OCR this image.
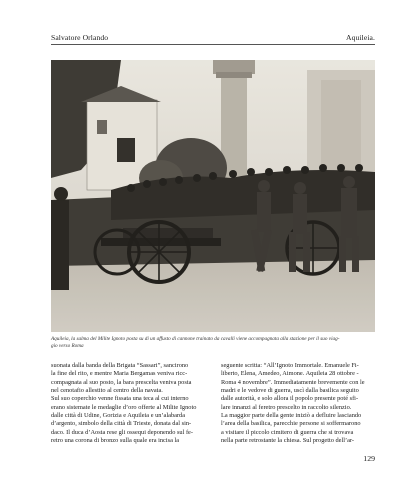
Salvatore Orlando	Aquileia.
Aquileia, la salma del Milite Ignoto posta su di un affusto di cannone trainato da cavalli viene accompagnata alla stazione per il suo viag-
gio verso Roma

suonata dalla banda della Brigata “Sassari”, sancirono

la fine del rito, e mentre Maria Bergamas veniva ricc-

compagnata al suo posto, la bara prescelta veniva posta

nel cenotafio allestito al centro della navata.

Sul suo coperchio venne fissata una teca al cui interno

erano sistemate le medaglie d’oro offerte al Milite Ignoto

dalle città di Udine, Gorizia e Aquileia e un’alabarda

d’argento, simbolo della città di Trieste, donata dal sin-

daco. Il duca d’Aosta rese gli ossequi deponendo sul fe-

retro una corona di bronzo sulla quale era incisa la

seguente scritta: “All’Ignoto Immortale. Emanuele Fi-

liberto, Elena, Amedeo, Aimone. Aquileia 28 ottobre -

Roma 4 novembre”. Immediatamente brevemente con le

madri e le vedove di guerra, uscì dalla basilica seguito

dalle autorità, e solo allora il popolo presente poté sfi-

lare innanzi al feretro prescelto in raccolto silenzio.

La maggior parte della gente iniziò a defluire lasciando

l’area della basilica, parecchie persone si soffermarono

a visitare il piccolo cimitero di guerra che si trovava

nella parte retrostante la chiesa. Sul progetto dell’ar-

129
